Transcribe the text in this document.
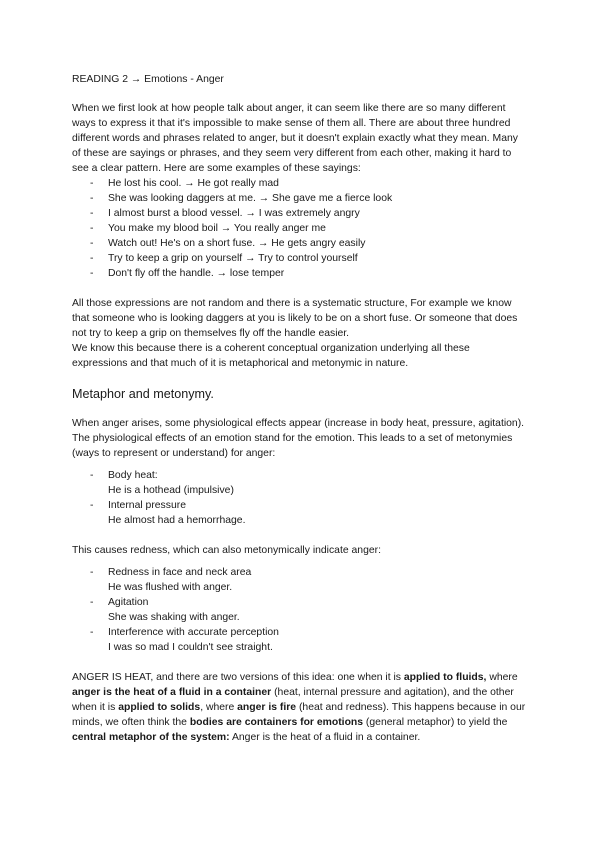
READING 2 → Emotions - Anger

When we first look at how people talk about anger, it can seem like there are so many different ways to express it that it's impossible to make sense of them all. There are about three hundred different words and phrases related to anger, but it doesn't explain exactly what they mean. Many of these are sayings or phrases, and they seem very different from each other, making it hard to see a clear pattern. Here are some examples of these sayings:

- He lost his cool. → He got really mad
- She was looking daggers at me. → She gave me a fierce look
- I almost burst a blood vessel. → I was extremely angry
- You make my blood boil → You really anger me
- Watch out! He's on a short fuse. → He gets angry easily
- Try to keep a grip on yourself → Try to control yourself
- Don't fly off the handle. → lose temper

All those expressions are not random and there is a systematic structure, For example we know that someone who is looking daggers at you is likely to be on a short fuse. Or someone that does not try to keep a grip on themselves fly off the handle easier.

We know this because there is a coherent conceptual organization underlying all these expressions and that much of it is metaphorical and metonymic in nature.

Metaphor and metonymy.

When anger arises, some physiological effects appear (increase in body heat, pressure, agitation). The physiological effects of an emotion stand for the emotion. This leads to a set of metonymies (ways to represent or understand) for anger:

- Body heat:
He is a hothead (impulsive)
- Internal pressure
He almost had a hemorrhage.

This causes redness, which can also metonymically indicate anger:

- Redness in face and neck area
He was flushed with anger.
- Agitation
She was shaking with anger.
- Interference with accurate perception
I was so mad I couldn't see straight.

ANGER IS HEAT, and there are two versions of this idea: one when it is applied to fluids, where anger is the heat of a fluid in a container (heat, internal pressure and agitation), and the other when it is applied to solids, where anger is fire (heat and redness). This happens because in our minds, we often think the bodies are containers for emotions (general metaphor) to yield the central metaphor of the system: Anger is the heat of a fluid in a container.
